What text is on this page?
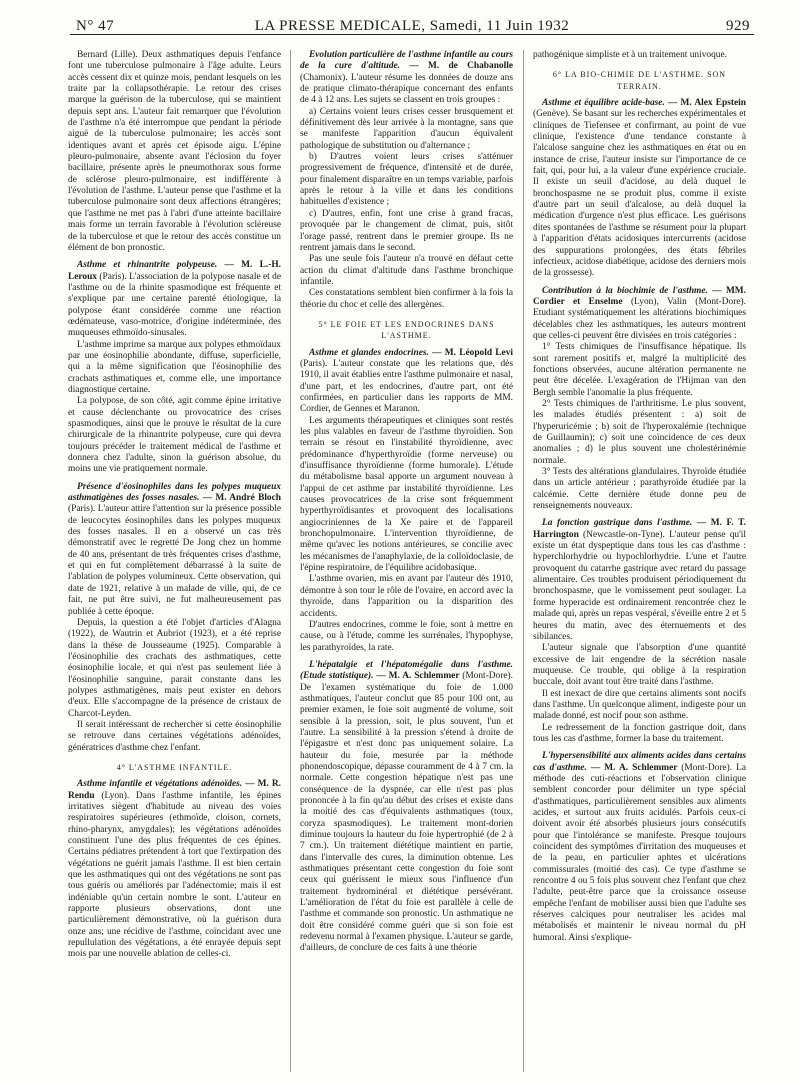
N° 47	LA PRESSE MEDICALE, Samedi, 11 Juin 1932	929

Bernard (Lille). Deux asthmatiques depuis l'enfance font une tuberculose pulmonaire à l'âge adulte. Leurs accès cessent dix et quinze mois, pendant lesquels on les traite par la collapsothérapie. Le retour des crises marque la guérison de la tuberculose, qui se maintient depuis sept ans. L'auteur fait remarquer que l'évolution de l'asthme n'a été interrompue que pendant la période aiguë de la tuberculose pulmonaire; les accès sont identiques avant et après cet épisode aigu. L'épine pleuro-pulmonaire, absente avant l'éclosion du foyer bacillaire, présente après le pneumothorax sous forme de sclérose pleuro-pulmonaire, est indifférente à l'évolution de l'asthme. L'auteur pense que l'asthme et la tuberculose pulmonaire sont deux affections étrangères; que l'asthme ne met pas à l'abri d'une atteinte bacillaire mais forme un terrain favorable à l'évolution scléreuse de la tuberculose et que le retour des accès constitue un élément de bon pronostic.

Asthme et rhinantrite polypeuse. — M. L.-H. Leroux (Paris). L'association de la polypose nasale et de l'asthme ou de la rhinite spasmodique est fréquente et s'explique par une certaine parenté étiologique, la polypose étant considérée comme une réaction œdémateuse, vaso-motrice, d'origine indéterminée, des muqueuses ethmoïdo-sinusales.

L'asthme imprime sa marque aux polypes ethmoïdaux par une éosinophilie abondante, diffuse, superficielle, qui a la même signification que l'éosinophilie des crachats asthmatiques et, comme elle, une importance diagnostique certaine.

La polypose, de son côté, agit comme épine irritative et cause déclenchante ou provocatrice des crises spasmodiques, ainsi que le prouve le résultat de la cure chirurgicale de la rhinantrite polypeuse, cure qui devra toujours précéder le traitement médical de l'asthme et donnera chez l'adulte, sinon la guérison absolue, du moins une vie pratiquement normale.

Présence d'éosinophiles dans les polypes muqueux asthmatigènes des fosses nasales. — M. André Bloch (Paris). L'auteur attire l'attention sur la présence possible de leucocytes éosinophiles dans les polypes muqueux des fosses nasales. Il en a observé un cas très démonstratif avec le regretté De Jong chez un homme de 40 ans, présentant de très fréquentes crises d'asthme, et qui en fut complètement débarrassé à la suite de l'ablation de polypes volumineux. Cette observation, qui date de 1921, relative à un malade de ville, qui, de ce fait, ne put être suivi, ne fut malheureusement pas publiée à cette époque.

Depuis, la question a été l'objet d'articles d'Alagna (1922), de Wautrin et Aubriot (1923), et a été reprise dans la thèse de Jousseaume (1925). Comparable à l'éosinophilie des crachats des asthmatiques, cette éosinophilie locale, et qui n'est pas seulement liée à l'éosinophilie sanguine, parait constante dans les polypes asthmatigènes, mais peut exister en dehors d'eux. Elle s'accompagne de la présence de cristaux de Charcot-Leyden.

Il serait intéressant de rechercher si cette éosinophilie se retrouve dans certaines végétations adénoïdes, génératrices d'asthme chez l'enfant.

4° L'ASTHME INFANTILE.

Asthme infantile et végétations adénoïdes. — M. R. Rendu (Lyon). Dans l'asthme infantile, les épines irritatives siègent d'habitude au niveau des voies respiratoires supérieures (ethmoïde, cloison, cornets, rhino-pharynx, amygdales); les végétations adénoïdes constituent l'une des plus fréquentes de ces épines. Certains pédiatres prétendent à tort que l'extirpation des végétations ne guérit jamais l'asthme. Il est bien certain que les asthmatiques qui ont des végétations ne sont pas tous guéris ou améliorés par l'adénectomie; mais il est indéniable qu'un certain nombre le sont. L'auteur en rapporte plusieurs observations, dont une particulièrement démonstrative, où la guérison dura onze ans; une récidive de l'asthme, coïncidant avec une repullulation des végétations, a été enrayée depuis sept mois par une nouvelle ablation de celles-ci.

Evolution particulière de l'asthme infantile au cours de la cure d'altitude. — M. de Chabanolle (Chamonix). L'auteur résume les données de douze ans de pratique climato-thérapique concernant des enfants de 4 à 12 ans. Les sujets se classent en trois groupes :

a) Certains voient leurs crises cesser brusquement et définitivement dès leur arrivée à la montagne, sans que se manifeste l'apparition d'aucun équivalent pathologique de substitution ou d'alternance ;

b) D'autres voient leurs crises s'atténuer progressivement de fréquence, d'intensité et de durée, pour finalement disparaître en un temps variable, parfois après le retour à la ville et dans les conditions habituelles d'existence ;

c) D'autres, enfin, font une crise à grand fracas, provoquée par le changement de climat, puis, sitôt l'orage passé, rentrent dans le premier groupe. Ils ne rentrent jamais dans le second.

Pas une seule fois l'auteur n'a trouvé en défaut cette action du climat d'altitude dans l'asthme bronchique infantile.

Ces constatations semblent bien confirmer à la fois la théorie du choc et celle des allergènes.

5° LE FOIE ET LES ENDOCRINES DANS L'ASTHME.

Asthme et glandes endocrines. — M. Léopold Levi (Paris). L'auteur constate que les relations que, dès 1910, il avait établies entre l'asthme pulmonaire et nasal, d'une part, et les endocrines, d'autre part, ont été confirmées, en particulier dans les rapports de MM. Cordier, de Gennes et Maranon.

Les arguments thérapeutiques et cliniques sont restés les plus valables en faveur de l'asthme thyroïdien. Son terrain se résout en l'instabilité thyroïdienne, avec prédominance d'hyperthyroïdie (forme nerveuse) ou d'insuffisance thyroïdienne (forme humorale). L'étude du métabolisme basal apporte un argument nouveau à l'appui de cet asthme par instabilité thyroïdienne. Les causes provocatrices de la crise sont fréquemment hyperthyroïdisantes et provoquent des localisations angiocriniennes de la Xe paire et de l'appareil bronchopulmonaire. L'intervention thyroïdienne, de même qu'avec les notions antérieures, se concilie avec les mécanismes de l'anaphylaxie, de la colloïdoclasie, de l'épine respiratoire, de l'équilibre acidobasique.

L'asthme ovarien, mis en avant par l'auteur dès 1910, démontre à son tour le rôle de l'ovaire, en accord avec la thyroïde, dans l'apparition ou la disparition des accidents.

D'autres endocrines, comme le foie, sont à mettre en cause, ou à l'étude, comme les surrénales, l'hypophyse, les parathyroïdes, la rate.

L'hépatalgie et l'hépatomégalie dans l'asthme. (Etude statistique). — M. A. Schlemmer (Mont-Dore). De l'examen systématique du foie de 1.000 asthmatiques, l'auteur conclut que 85 pour 100 ont, au premier examen, le foie soit augmenté de volume, soit sensible à la pression, soit, le plus souvent, l'un et l'autre. La sensibilité à la pression s'étend à droite de l'épigastre et n'est donc pas uniquement solaire. La hauteur du foie, mesurée par la méthode phonendoscopique, dépasse couramment de 4 à 7 cm. la normale. Cette congestion hépatique n'est pas une conséquence de la dyspnée, car elle n'est pas plus prononcée à la fin qu'au début des crises et existe dans la moitié des cas d'équivalents asthmatiques (toux, coryza spasmodiques). Le traitement mont-dorien diminue toujours la hauteur du foie hypertrophié (de 2 à 7 cm.). Un traitement diététique maintient en partie, dans l'intervalle des cures, la diminution obtenue. Les asthmatiques présentant cette congestion du foie sont ceux qui guérissent le mieux sous l'influence d'un traitement hydrominéral et diététique persévérant. L'amélioration de l'état du foie est parallèle à celle de l'asthme et commande son pronostic. Un asthmatique ne doit être considéré comme guéri que si son foie est redevenu normal à l'examen physique. L'auteur se garde, d'ailleurs, de conclure de ces faits à une théorie

pathogénique simpliste et à un traitement univoque.

6° LA BIO-CHIMIE DE L'ASTHME. SON TERRAIN.

Asthme et équilibre acide-base. — M. Alex Epstein (Genève). Se basant sur les recherches expérimentales et cliniques de Tiefensee et confirmant, au point de vue clinique, l'existence d'une tendance constante à l'alcalose sanguine chez les asthmatiques en état ou en instance de crise, l'auteur insiste sur l'importance de ce fait, qui, pour lui, a la valeur d'une expérience cruciale. Il existe un seuil d'acidose, au delà duquel le bronchospasme ne se produit plus, comme il existe d'autre part un seuil d'alcalose, au delà duquel la médication d'urgence n'est plus efficace. Les guérisons dites spontanées de l'asthme se résument pour la plupart à l'apparition d'états acidosiques intercurrents (acidose des suppurations prolongées, des états fébriles infectieux, acidose diabétique, acidose des derniers mois de la grossesse).

Contribution à la biochimie de l'asthme. — MM. Cordier et Enselme (Lyon), Valin (Mont-Dore). Etudiant systématiquement les altérations biochimiques décelables chez les asthmatiques, les auteurs montrent que celles-ci peuvent être divisées en trois catégories :

1° Tests chimiques de l'insuffisance hépatique. Ils sont rarement positifs et, malgré la multiplicité des fonctions observées, aucune altération permanente ne peut être décelée. L'exagération de l'Hijman van den Bergh semble l'anomalie la plus fréquente.

2° Tests chimiques de l'arthritisme. Le plus souvent, les malades étudiés présentent : a) soit de l'hyperuricémie ; b) soit de l'hyperoxalémie (technique de Guillaumin); c) soit une coïncidence de ces deux anomalies ; d) le plus souvent une cholestérinémie normale.

3° Tests des altérations glandulaires. Thyroïde étudiée dans un article antérieur ; parathyroïde étudiée par la calcémie. Cette dernière étude donne peu de renseignements nouveaux.

La fonction gastrique dans l'asthme. — M. F. T. Harrington (Newcastle-on-Tyne). L'auteur pense qu'il existe un état dyspeptique dans tous les cas d'asthme : hyperchlorhydrie ou hypochlorhydrie. L'une et l'autre provoquent du catarrhe gastrique avec retard du passage alimentaire. Ces troubles produisent périodiquement du bronchospasme, que le vomissement peut soulager. La forme hyperacide est ordinairement rencontrée chez le malade qui, après un repas vespéral, s'éveille entre 2 et 5 heures du matin, avec des éternuements et des sibilances.

L'auteur signale que l'absorption d'une quantité excessive de lait engendre de la sécrétion nasale muqueuse. Ce trouble, qui oblige à la respiration buccale, doit avant tout être traité dans l'asthme.

Il est inexact de dire que certains aliments sont nocifs dans l'asthme. Un quelconque aliment, indigeste pour un malade donné, est nocif pour son asthme.

Le redressement de la fonction gastrique doit, dans tous les cas d'asthme, former la base du traitement.

L'hypersensibilité aux aliments acides dans certains cas d'asthme. — M. A. Schlemmer (Mont-Dore). La méthode des cuti-réactions et l'observation clinique semblent concorder pour délimiter un type spécial d'asthmatiques, particulièrement sensibles aux aliments acides, et surtout aux fruits acidulés. Parfois ceux-ci doivent avoir été absorbés plusieurs jours consécutifs pour que l'intolérance se manifeste. Presque toujours coïncident des symptômes d'irritation des muqueuses et de la peau, en particulier aphtes et ulcérations commissurales (moitié des cas). Ce type d'asthme se rencontre 4 ou 5 fois plus souvent chez l'enfant que chez l'adulte, peut-être parce que la croissance osseuse empêche l'enfant de mobiliser aussi bien que l'adulte ses réserves calciques pour neutraliser les acides mal métabolisés et maintenir le niveau normal du pH humoral. Ainsi s'explique-
